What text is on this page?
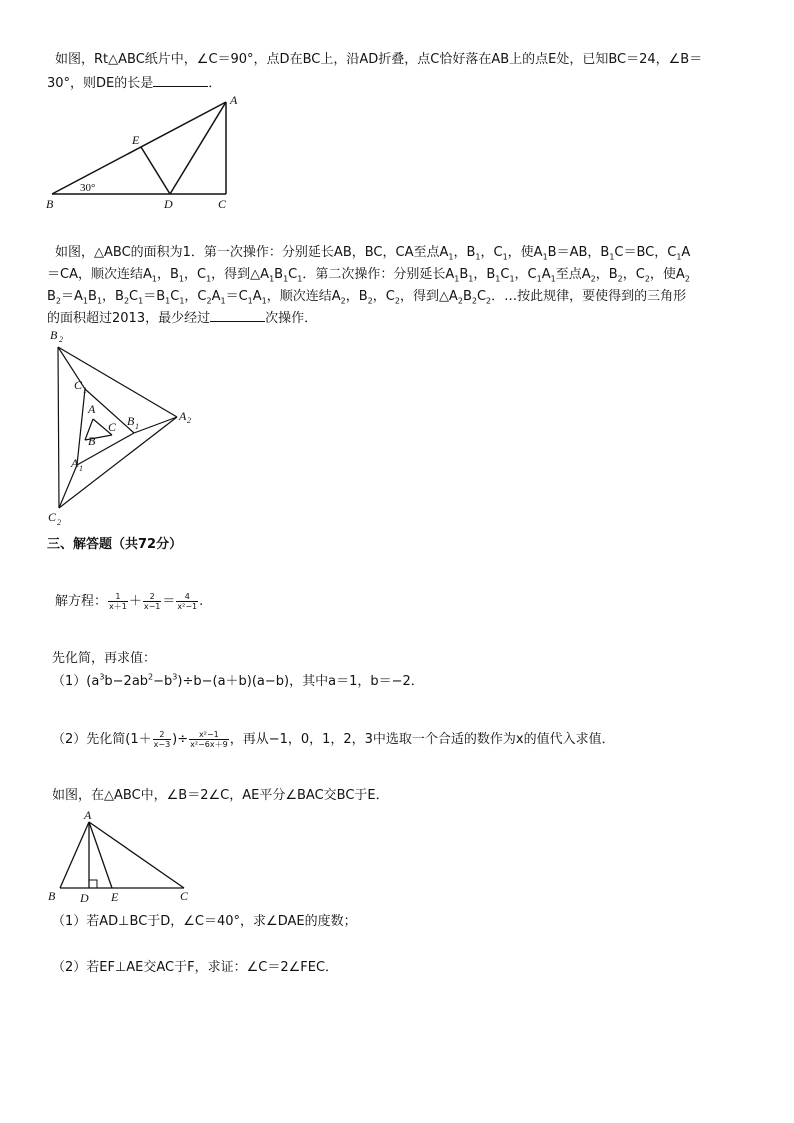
如图，Rt△ABC纸片中，∠C＝90°，点D在BC上，沿AD折叠，点C恰好落在AB上的点E处，已知BC＝24，∠B＝
30°，则DE的长是	．
A
B	C
D
E
30°
如图，△ABC的面积为1．第一次操作：分别延长AB，BC，CA至点$A_1$，$B_1$，$C_1$，使$A_1B=AB$，$B_1C=BC$，$C_1A$
＝CA，顺次连结$A_1$，$B_1$，$C_1$，得到$\triangle A_1B_1C_1$．第二次操作：分别延长$A_1B_1$，$B_1C_1$，$C_1A_1$至点$A_2$，$B_2$，$C_2$，使$A_2$
$B_2=A_1B_1$，$B_2C_1=B_1C_1$，$C_2A_1=C_1A_1$，顺次连结$A_2$，$B_2$，$C_2$，得到$\triangle A_2B_2C_2$．…按此规律，要使得到的三角形
的面积超过2013，最少经过	次操作．
B 2
C 1
A
C B 1
B
A 2
A 1
C 2
三、解答题（共72分）
解方程： $\frac{1}{x+1} + \frac{2}{x-1} = \frac{4}{\text{x²−1}}$ .
先化简，再求值：
$(1)(a^3b-2ab^2-b^3)\div b-(a+b)(a-b)$，其中a＝1，b＝−2．
（2）先化简($1+ \frac{2}{x-3}$ )÷ $\frac{\text{x²−1}}{\text{x²−6x＋9}}$ ，再从−1，0，1，2，3中选取一个合适的数作为x的值代入求值．
如图，在△ABC中，∠B＝2∠C，AE平分∠BAC交BC于E．
A
B D E	C
（1）若AD⊥BC于D，∠C＝40°，求∠DAE的度数；
（2）若EF⊥AE交AC于F，求证：∠C＝2∠FEC．
